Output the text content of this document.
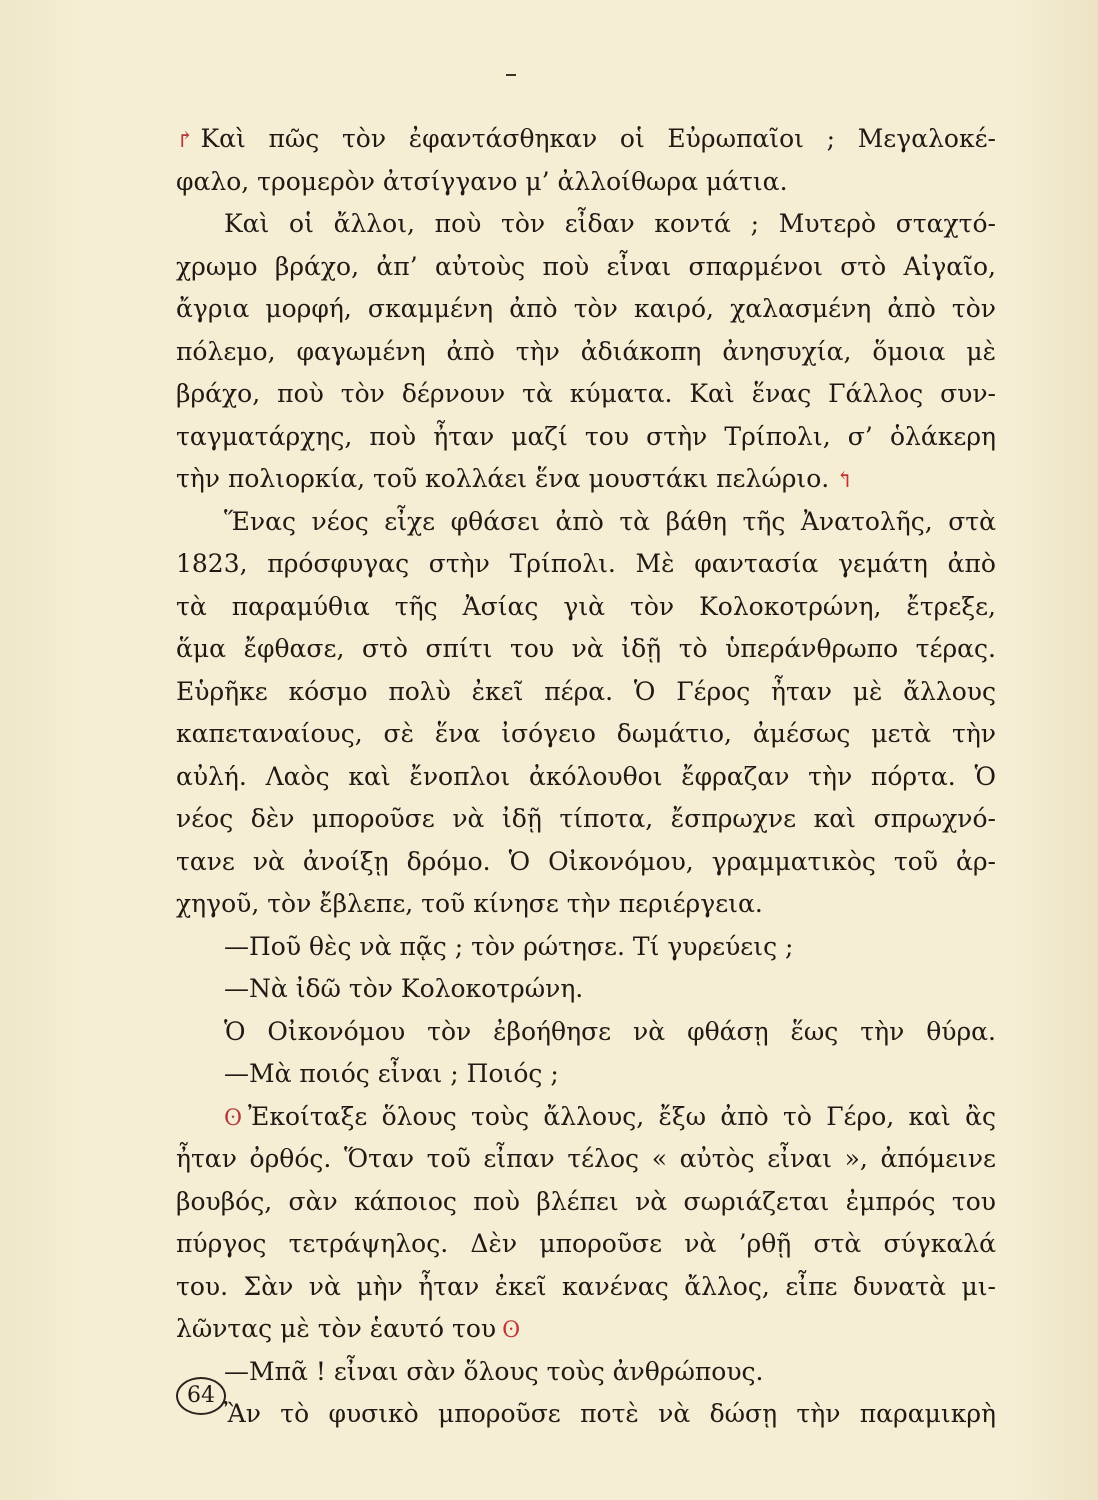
↱ Καὶ πῶς τὸν ἐφαντάσθηκαν οἱ Εὐρωπαῖοι ; Μεγαλοκέ-
φαλο, τρομερὸν ἀτσίγγανο μ’ ἀλλοίθωρα μάτια.
Καὶ οἱ ἄλλοι, ποὺ τὸν εἶδαν κοντά ; Μυτερὸ σταχτό-
χρωμο βράχο, ἀπ’ αὐτοὺς ποὺ εἶναι σπαρμένοι στὸ Αἰγαῖο,
ἄγρια μορφή, σκαμμένη ἀπὸ τὸν καιρό, χαλασμένη ἀπὸ τὸν
πόλεμο, φαγωμένη ἀπὸ τὴν ἀδιάκοπη ἀνησυχία, ὅμοια μὲ
βράχο, ποὺ τὸν δέρνουν τὰ κύματα. Καὶ ἕνας Γάλλος συν-
ταγματάρχης, ποὺ ἦταν μαζί του στὴν Τρίπολι, σ’ ὁλάκερη
τὴν πολιορκία, τοῦ κολλάει ἕνα μουστάκι πελώριο. ↰
Ἕνας νέος εἶχε φθάσει ἀπὸ τὰ βάθη τῆς Ἀνατολῆς, στὰ
1823, πρόσφυγας στὴν Τρίπολι. Μὲ φαντασία γεμάτη ἀπὸ
τὰ παραμύθια τῆς Ἀσίας γιὰ τὸν Κολοκοτρώνη, ἔτρεξε,
ἅμα ἔφθασε, στὸ σπίτι του νὰ ἰδῇ τὸ ὑπεράνθρωπο τέρας.
Εὑρῆκε κόσμο πολὺ ἐκεῖ πέρα. Ὁ Γέρος ἦταν μὲ ἄλλους
καπεταναίους, σὲ ἕνα ἰσόγειο δωμάτιο, ἀμέσως μετὰ τὴν
αὐλή. Λαὸς καὶ ἔνοπλοι ἀκόλουθοι ἔφραζαν τὴν πόρτα. Ὁ
νέος δὲν μποροῦσε νὰ ἰδῇ τίποτα, ἔσπρωχνε καὶ σπρωχνό-
τανε νὰ ἀνοίξῃ δρόμο. Ὁ Οἰκονόμου, γραμματικὸς τοῦ ἀρ-
χηγοῦ, τὸν ἔβλεπε, τοῦ κίνησε τὴν περιέργεια.
—Ποῦ θὲς νὰ πᾷς ; τὸν ρώτησε. Τί γυρεύεις ;
—Νὰ ἰδῶ τὸν Κολοκοτρώνη.
Ὁ Οἰκονόμου τὸν ἐβοήθησε νὰ φθάσῃ ἕως τὴν θύρα.
—Μὰ ποιός εἶναι ; Ποιός ;
ʘ Ἐκοίταξε ὅλους τοὺς ἄλλους, ἔξω ἀπὸ τὸ Γέρο, καὶ ἂς
ἦταν ὀρθός. Ὅταν τοῦ εἶπαν τέλος « αὐτὸς εἶναι », ἀπόμεινε
βουβός, σὰν κάποιος ποὺ βλέπει νὰ σωριάζεται ἐμπρός του
πύργος τετράψηλος. Δὲν μποροῦσε νὰ ’ρθῇ στὰ σύγκαλά
του. Σὰν νὰ μὴν ἦταν ἐκεῖ κανένας ἄλλος, εἶπε δυνατὰ μι-
λῶντας μὲ τὸν ἑαυτό του ʘ
—Μπᾶ ! εἶναι σὰν ὅλους τοὺς ἀνθρώπους.
Ἂν τὸ φυσικὸ μποροῦσε ποτὲ νὰ δώσῃ τὴν παραμικρὴ
64
